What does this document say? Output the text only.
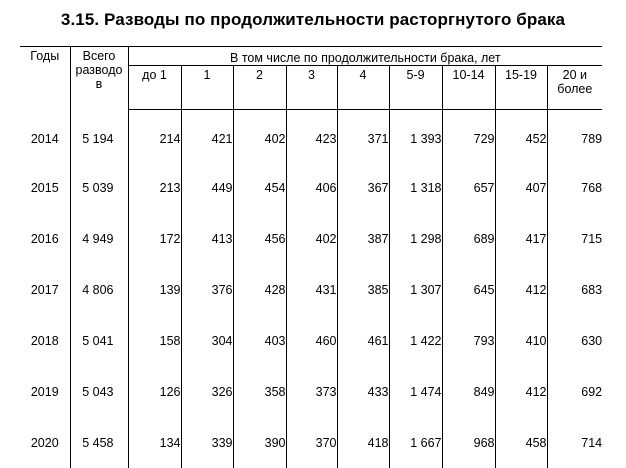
3.15. Разводы по продолжительности расторгнутого брака
Годы	Всего
разводо
в	В том числе по продолжительности брака, лет								
		до 1	1	2	3	4	5-9	10-14	15-19	20 и
более
2014	5 194	214	421	402	423	371	1 393	729	452	789
2015	5 039	213	449	454	406	367	1 318	657	407	768
2016	4 949	172	413	456	402	387	1 298	689	417	715
2017	4 806	139	376	428	431	385	1 307	645	412	683
2018	5 041	158	304	403	460	461	1 422	793	410	630
2019	5 043	126	326	358	373	433	1 474	849	412	692
2020	5 458	134	339	390	370	418	1 667	968	458	714
